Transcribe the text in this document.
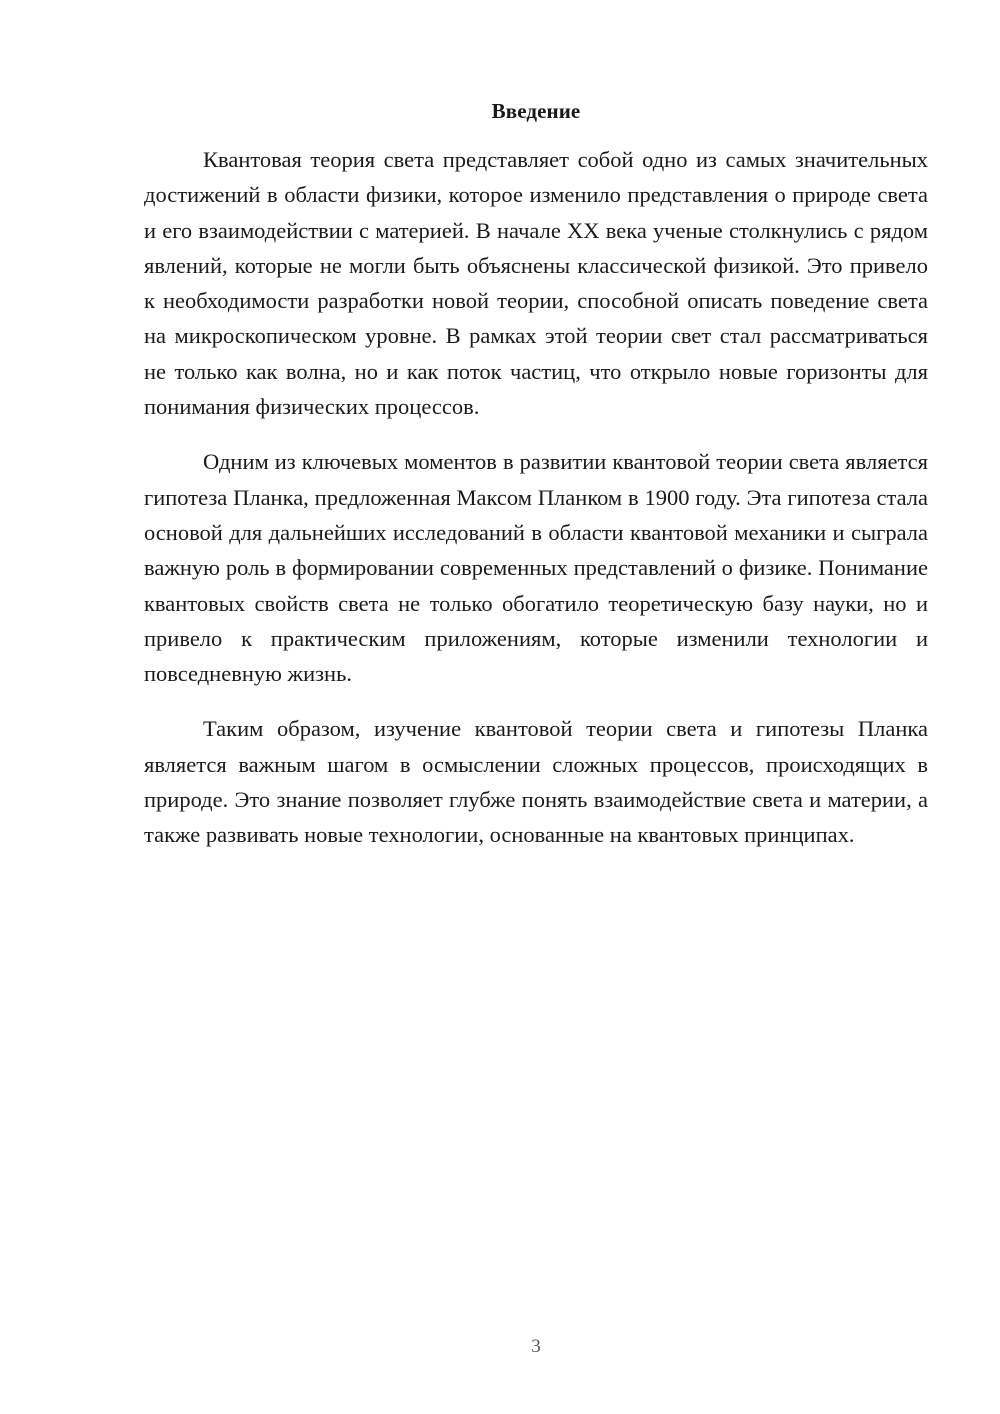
Введение

Квантовая теория света представляет собой одно из самых значительных достижений в области физики, которое изменило представления о природе света и его взаимодействии с материей. В начале XX века ученые столкнулись с рядом явлений, которые не могли быть объяснены классической физикой. Это привело к необходимости разработки новой теории, способной описать поведение света на микроскопическом уровне. В рамках этой теории свет стал рассматриваться не только как волна, но и как поток частиц, что открыло новые горизонты для понимания физических процессов.

Одним из ключевых моментов в развитии квантовой теории света является гипотеза Планка, предложенная Максом Планком в 1900 году. Эта гипотеза стала основой для дальнейших исследований в области квантовой механики и сыграла важную роль в формировании современных представлений о физике. Понимание квантовых свойств света не только обогатило теоретическую базу науки, но и привело к практическим приложениям, которые изменили технологии и повседневную жизнь.

Таким образом, изучение квантовой теории света и гипотезы Планка является важным шагом в осмыслении сложных процессов, происходящих в природе. Это знание позволяет глубже понять взаимодействие света и материи, а также развивать новые технологии, основанные на квантовых принципах.

3
